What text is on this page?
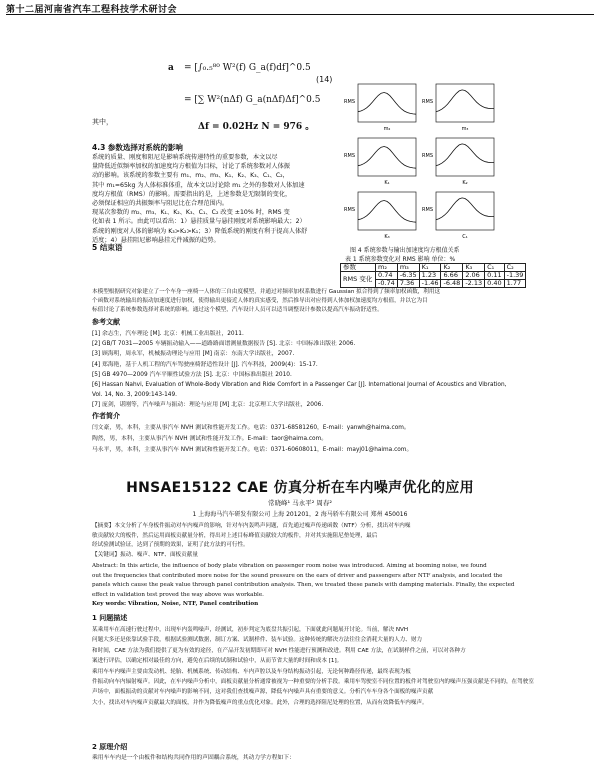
第十二届河南省汽车工程科技学术研讨会
a = [∫₀.₅⁸⁰ W²(f) G_a(f)df]^0.5
= [∑ W²(nΔf) G_a(nΔf)Δf]^0.5
(14)
其中，	Δf = 0.02Hz N = 976 。
4.3 参数选择对系统的影响
系统的质量、刚度和阻尼是影响系统传递特性的重要参数，本文以尽
量降低近似频率加权的加速度均方根值为目标，讨论了系统参数对人体振
动的影响。该系统的参数主要有 m₁、m₂、m₃、K₁、K₂、K₃、C₁、C₂，
其中 m₁=65kg 为人体标准体重，故本文以讨论除 m₁ 之外的参数对人体加速
度均方根值（RMS）的影响。需要指出的是，上述参数是无限制的变化，
必须保证相应的共振频率与阻尼比在合理范围内。
现某次参数的 m₂、m₃、K₁、K₂、K₃、C₁、C₂ 改变 ±10% 时，RMS 变
化如表 1 所示。由此可以看出：1）悬挂质量与悬挂刚度对系统影响最大；2）
系统的刚度对人体的影响为 K₃>K₂>K₁；3）降低系统的刚度有利于提高人体舒
适度；4）悬挂阻尼影响悬挂元件减振的趋势。
RMS
m₂
RMS
m₃
RMS
K₁
RMS
K₂
RMS
K₃
RMS
C₁
图 4 系统参数与输出加速度均方根值关系
表 1 系统参数变化对 RMS 影响 单位：%
参数	m₂	m₃	K₁	K₂	K₃	C₁	C₂
RMS 变化	0.74	-6.35	1.23	6.66	2.06	0.11	-1.39
	-0.74	7.36	-1.46	-6.48	-2.13	0.40	1.77
5 结束语
本模型根据研究对象建立了一个车身一座椅一人体的三自由度模型，并通过对频率加权系数进行 Gaussian 拟合得到了频率加权函数，利用这
个函数对系统输出的振动加速度进行加权，使得输出更接近人体的真实感受，然后推导出对应得到人体加权加速度均方根值，并以它为目
标值讨论了系统参数选择对系统的影响。通过这个模型，汽车设计人员可以适当调整设计参数以提高汽车振动舒适性。
参考文献
[1] 余志生，汽车理论 [M]. 北京：机械工业出版社，2011.
[2] GB/T 7031—2005 车辆振动输入——道路路面谱测量数据报告 [S]. 北京：中国标准出版社 2006.
[3] 顾海明，周永军，机械振动理论与应用 [M] 南京：东南大学出版社，2007.
[4] 郑海艳，基于人机工程的汽车驾驶座椅舒适性设计 [J]. 汽车科技，2009(4)：15-17.
[5] GB 4970—2009 汽车平顺性试验方法 [S]. 北京：中国标准出版社 2010.
[6] Hassan Nahvi, Evaluation of Whole-Body Vibration and Ride Comfort in a Passenger Car [J]. International Journal of Acoustics and Vibration,
Vol. 14, No. 3, 2009:143-149.
[7] 庞剑，谌刚等，汽车噪声与振动：理论与应用 [M] 北京：北京理工大学出版社，2006.
作者简介
闫文豪，男，本科，主要从事汽车 NVH 测试和性能开发工作。电话：0371-68581260，E-mail：yanwh@haima.com。
陶然，男，本科，主要从事汽车 NVH 测试和性能开发工作。E-mail：taor@haima.com。
马永平，男，本科，主要从事汽车 NVH 测试和性能开发工作。电话：0371-60608011，E-mail：mayj01@haima.com。
HNSAE15122 CAE 仿真分析在车内噪声优化的应用
常晓峰¹ 马永平² 周春²
1 上海海马汽车研发有限公司 上海 201201，2 海马轿车有限公司 郑州 450016
【摘要】本文分析了车身板件振动对车内噪声的影响，针对车内轰鸣声问题，首先通过噪声传递函数（NTF）分析，找出对车内噪
敏贡献较大的板件，然后运用面板贡献量分析，得出对上述目标峰值贡献较大的板件，并对其实施阻尼垫处理，最后
经试验测试验证，达到了预期的效果，证明了此方法的可行性。
【关键词】振动、噪声、NTF、面板贡献量
Abstract: In this article, the influence of body plate vibration on passenger room noise was introduced. Aiming at booming noise, we found
out the frequencies that contributed more noise for the sound pressure on the ears of driver and passengers after NTF analysis, and located the
panels which cause the peak value through panel contribution analysis. Then, we treated these panels with damping materials. Finally, the expected
effect in validation test proved the way above was workable.
Key words: Vibration, Noise, NTF, Panel contribution
1 问题描述
某乘用车在高速行驶过程中，出现车内轰鸣噪声，经测试，初步判定为底盘共振引起，下面就此问题展开讨论。当前，解决 NVH
问题大多还是依靠试验手段，根据试验测试数据，制订方案、试制样件、装车试验。这种传统的解决方法往往会消耗大量的人力、财力
和时间，CAE 方法为我们提供了更为有效的途径，在产品开发初期即可对 NVH 性能进行预测和改进。利用 CAE 方法，在试制样件之前，可以对各种方
案进行评估，以确定相对最佳的方向，避免在后续的试制和试验中，从而节省大量的时间和成本 [1]。
乘用车车内噪声主要由发动机、轮胎、机械系统、传动结构、车内声腔以及车身结构振动引起，无论何种路径传递，最终表现为板
件振动向车内辐射噪声。因此，在车内噪声分析中，面板贡献量分析通常被视为一种重要的分析手段。乘用车驾驶室不同位置的板件对驾驶室内的噪声压强贡献是不同的，在驾驶室
声场中，面板振动的贡献对车内噪声的影响不同，这对我们查找噪声源，降低车内噪声具有重要的意义。分析汽车车身各个面板的噪声贡献
大小，找出对车内噪声贡献最大的面板，并作为降低噪声的重点优化对象。此外，合理的选择阻尼处理的位置，从而有效降低车内噪声。
2 原理介绍
乘用车车内是一个由板件和结构共同作用的声固耦合系统，其动力学方程如下：
